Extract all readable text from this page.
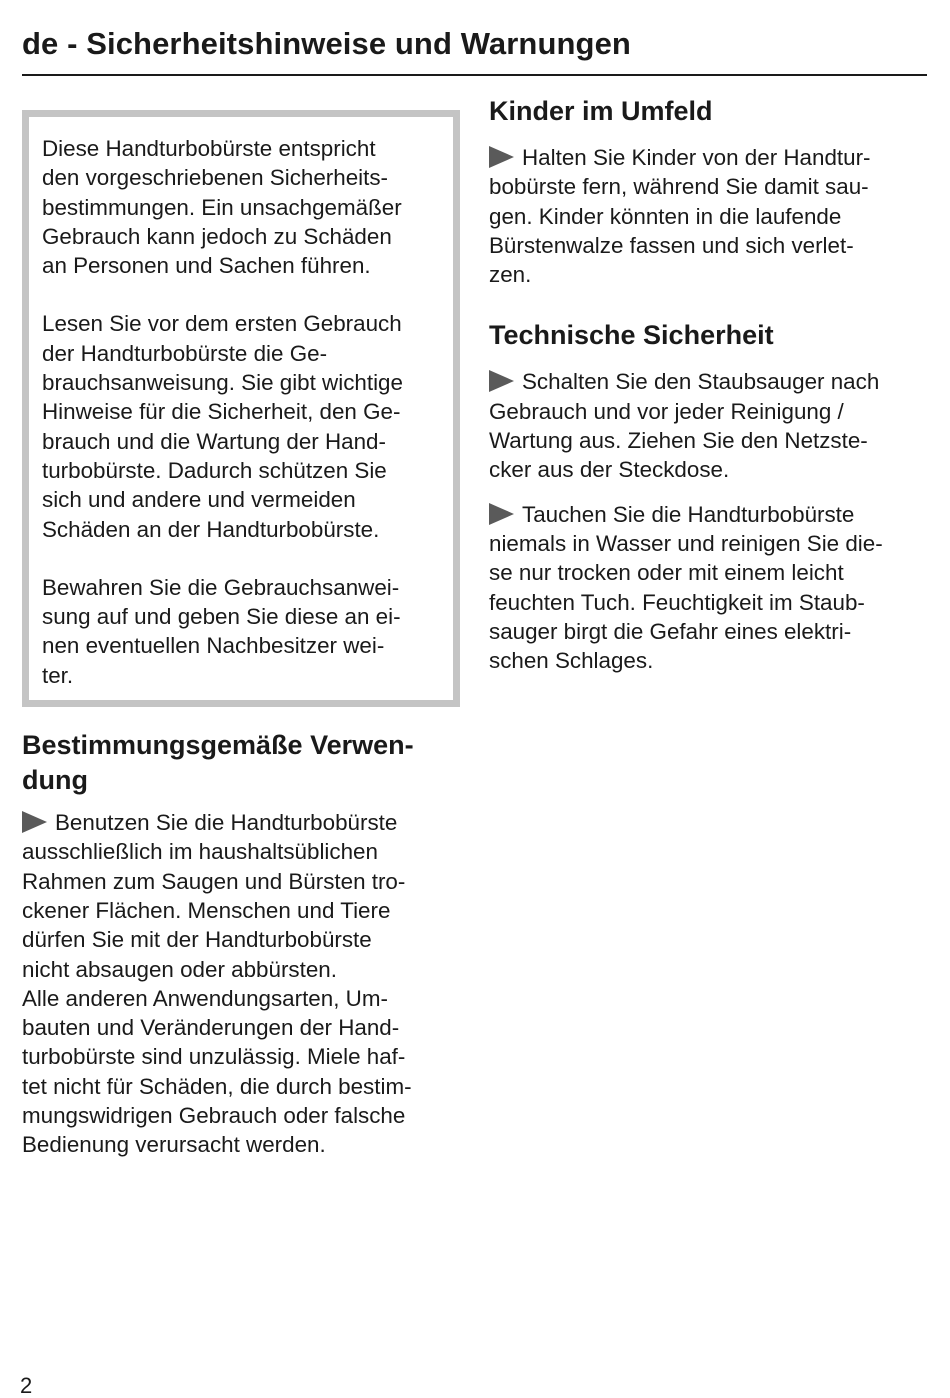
de - Sicherheitshinweise und Warnungen

Diese Handturbobürste entspricht
den vorgeschriebenen Sicherheits-
bestimmungen. Ein unsachgemäßer
Gebrauch kann jedoch zu Schäden
an Personen und Sachen führen.

Lesen Sie vor dem ersten Gebrauch
der Handturbobürste die Ge-
brauchsanweisung. Sie gibt wichtige
Hinweise für die Sicherheit, den Ge-
brauch und die Wartung der Hand-
turbobürste. Dadurch schützen Sie
sich und andere und vermeiden
Schäden an der Handturbobürste.

Bewahren Sie die Gebrauchsanwei-
sung auf und geben Sie diese an ei-
nen eventuellen Nachbesitzer wei-
ter.

Bestimmungsgemäße Verwen-
dung

Benutzen Sie die Handturbobürste
ausschließlich im haushaltsüblichen
Rahmen zum Saugen und Bürsten tro-
ckener Flächen. Menschen und Tiere
dürfen Sie mit der Handturbobürste
nicht absaugen oder abbürsten.
Alle anderen Anwendungsarten, Um-
bauten und Veränderungen der Hand-
turbobürste sind unzulässig. Miele haf-
tet nicht für Schäden, die durch bestim-
mungswidrigen Gebrauch oder falsche
Bedienung verursacht werden.

Kinder im Umfeld

Halten Sie Kinder von der Handtur-
bobürste fern, während Sie damit sau-
gen. Kinder könnten in die laufende
Bürstenwalze fassen und sich verlet-
zen.

Technische Sicherheit

Schalten Sie den Staubsauger nach
Gebrauch und vor jeder Reinigung /
Wartung aus. Ziehen Sie den Netzste-
cker aus der Steckdose.

Tauchen Sie die Handturbobürste
niemals in Wasser und reinigen Sie die-
se nur trocken oder mit einem leicht
feuchten Tuch. Feuchtigkeit im Staub-
sauger birgt die Gefahr eines elektri-
schen Schlages.

2
